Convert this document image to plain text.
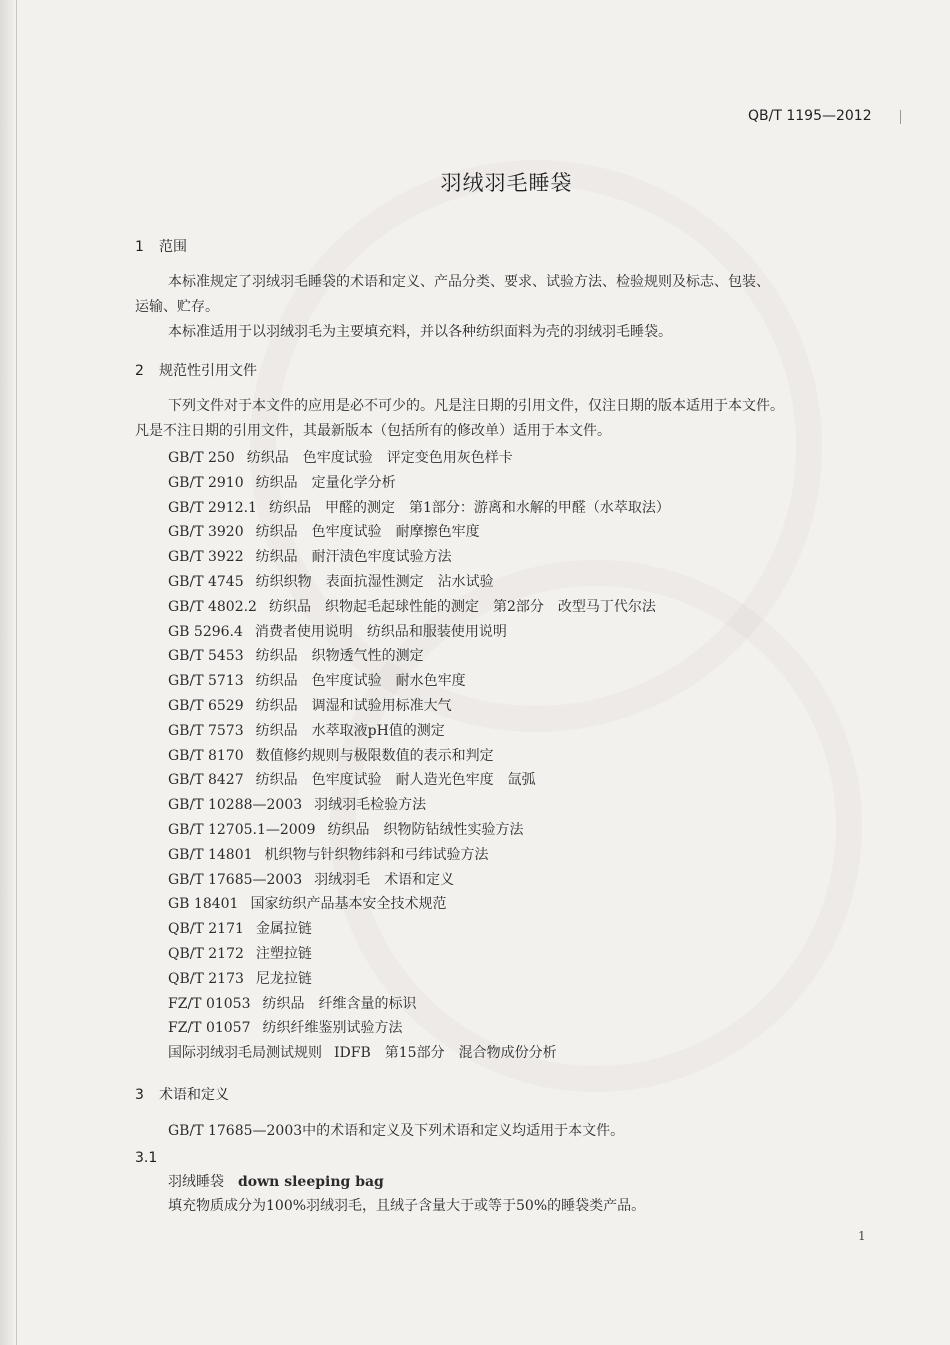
QB/T 1195—2012
羽绒羽毛睡袋
1 范围
本标准规定了羽绒羽毛睡袋的术语和定义、产品分类、要求、试验方法、检验规则及标志、包装、
运输、贮存。
本标准适用于以羽绒羽毛为主要填充料，并以各种纺织面料为壳的羽绒羽毛睡袋。
2 规范性引用文件
下列文件对于本文件的应用是必不可少的。凡是注日期的引用文件，仅注日期的版本适用于本文件。
凡是不注日期的引用文件，其最新版本（包括所有的修改单）适用于本文件。
GB/T 250 纺织品　色牢度试验　评定变色用灰色样卡
GB/T 2910 纺织品　定量化学分析
GB/T 2912.1 纺织品　甲醛的测定　第1部分：游离和水解的甲醛（水萃取法）
GB/T 3920 纺织品　色牢度试验　耐摩擦色牢度
GB/T 3922 纺织品　耐汗渍色牢度试验方法
GB/T 4745 纺织织物　表面抗湿性测定　沾水试验
GB/T 4802.2 纺织品　织物起毛起球性能的测定　第2部分　改型马丁代尔法
GB 5296.4 消费者使用说明　纺织品和服装使用说明
GB/T 5453 纺织品　织物透气性的测定
GB/T 5713 纺织品　色牢度试验　耐水色牢度
GB/T 6529 纺织品　调湿和试验用标准大气
GB/T 7573 纺织品　水萃取液pH值的测定
GB/T 8170 数值修约规则与极限数值的表示和判定
GB/T 8427 纺织品　色牢度试验　耐人造光色牢度　氙弧
GB/T 10288—2003 羽绒羽毛检验方法
GB/T 12705.1—2009 纺织品　织物防钻绒性实验方法
GB/T 14801 机织物与针织物纬斜和弓纬试验方法
GB/T 17685—2003 羽绒羽毛　术语和定义
GB 18401 国家纺织产品基本安全技术规范
QB/T 2171 金属拉链
QB/T 2172 注塑拉链
QB/T 2173 尼龙拉链
FZ/T 01053 纺织品　纤维含量的标识
FZ/T 01057 纺织纤维鉴别试验方法
国际羽绒羽毛局测试规则 IDFB　第15部分　混合物成份分析
3 术语和定义
GB/T 17685—2003中的术语和定义及下列术语和定义均适用于本文件。
3.1
羽绒睡袋　 down sleeping bag
填充物质成分为100%羽绒羽毛，且绒子含量大于或等于50%的睡袋类产品。
1
